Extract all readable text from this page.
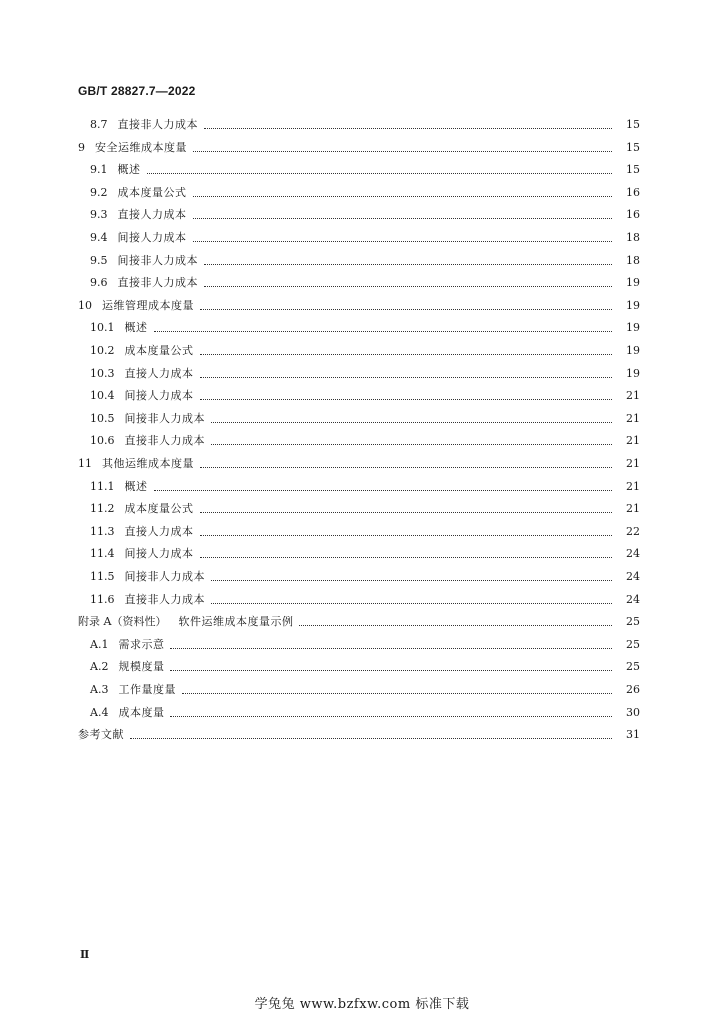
GB/T 28827.7—2022
8.7 直接非人力成本	15
9 安全运维成本度量	15
9.1 概述	15
9.2 成本度量公式	16
9.3 直接人力成本	16
9.4 间接人力成本	18
9.5 间接非人力成本	18
9.6 直接非人力成本	19
10 运维管理成本度量	19
10.1 概述	19
10.2 成本度量公式	19
10.3 直接人力成本	19
10.4 间接人力成本	21
10.5 间接非人力成本	21
10.6 直接非人力成本	21
11 其他运维成本度量	21
11.1 概述	21
11.2 成本度量公式	21
11.3 直接人力成本	22
11.4 间接人力成本	24
11.5 间接非人力成本	24
11.6 直接非人力成本	24
附录 A（资料性） 软件运维成本度量示例	25
A.1 需求示意	25
A.2 规模度量	25
A.3 工作量度量	26
A.4 成本度量	30
参考文献	31
Ⅱ
学兔兔 www.bzfxw.com 标准下载
